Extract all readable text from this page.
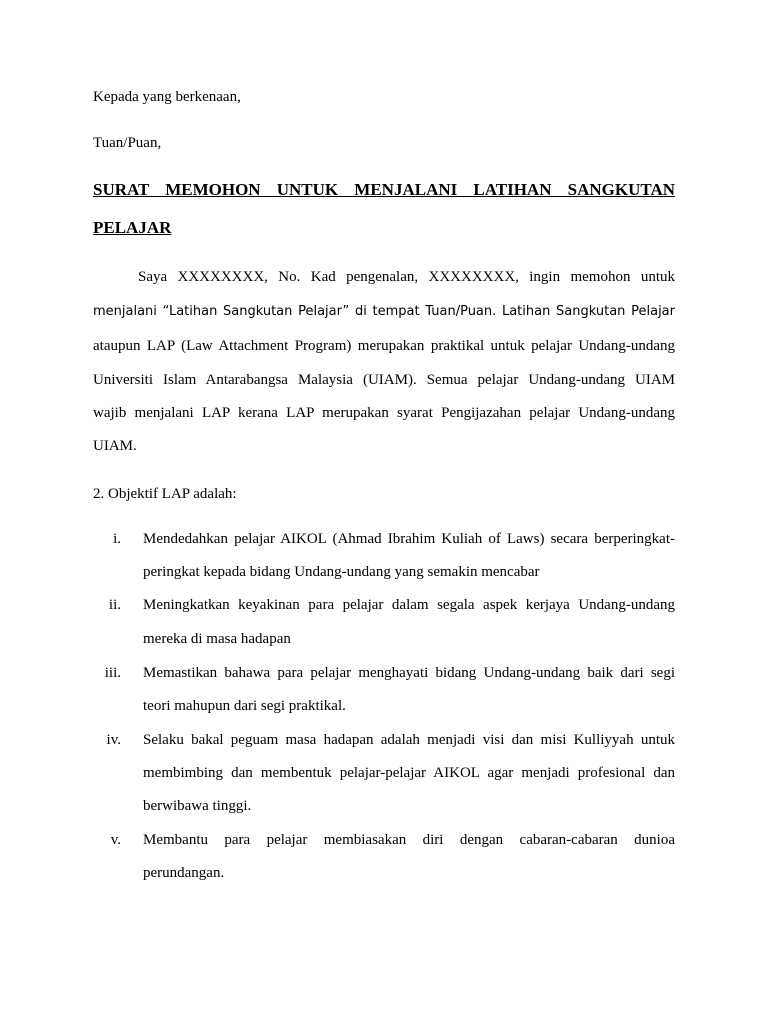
Kepada yang berkenaan,
Tuan/Puan,
SURAT MEMOHON UNTUK MENJALANI LATIHAN SANGKUTAN
PELAJAR
Saya XXXXXXXX, No. Kad pengenalan, XXXXXXXX, ingin memohon untuk
menjalani “Latihan Sangkutan Pelajar” di tempat Tuan/Puan. Latihan Sangkutan Pelajar
ataupun LAP (Law Attachment Program) merupakan praktikal untuk pelajar Undang-undang
Universiti Islam Antarabangsa Malaysia (UIAM). Semua pelajar Undang-undang UIAM
wajib menjalani LAP kerana LAP merupakan syarat Pengijazahan pelajar Undang-undang
UIAM.
2. Objektif LAP adalah:
i. Mendedahkan pelajar AIKOL (Ahmad Ibrahim Kuliah of Laws) secara berperingkat-
peringkat kepada bidang Undang-undang yang semakin mencabar
ii. Meningkatkan keyakinan para pelajar dalam segala aspek kerjaya Undang-undang
mereka di masa hadapan
iii. Memastikan bahawa para pelajar menghayati bidang Undang-undang baik dari segi
teori mahupun dari segi praktikal.
iv. Selaku bakal peguam masa hadapan adalah menjadi visi dan misi Kulliyyah untuk
membimbing dan membentuk pelajar-pelajar AIKOL agar menjadi profesional dan
berwibawa tinggi.
v. Membantu para pelajar membiasakan diri dengan cabaran-cabaran dunioa
perundangan.
